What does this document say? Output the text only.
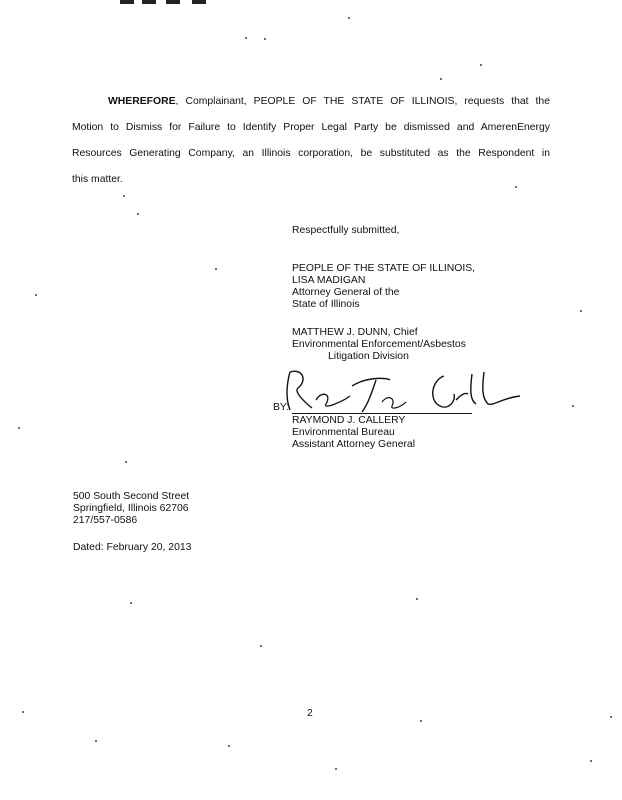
WHEREFORE, Complainant, PEOPLE OF THE STATE OF ILLINOIS, requests that the
Motion to Dismiss for Failure to Identify Proper Legal Party be dismissed and AmerenEnergy
Resources Generating Company, an Illinois corporation, be substituted as the Respondent in
this matter.

Respectfully submitted,
PEOPLE OF THE STATE OF ILLINOIS,
LISA MADIGAN
Attorney General of the
State of Illinois
MATTHEW J. DUNN, Chief
Environmental Enforcement/Asbestos
Litigation Division
BY:
RAYMOND J. CALLERY
Environmental Bureau
Assistant Attorney General
500 South Second Street
Springfield, Illinois 62706
217/557-0586
Dated: February 20, 2013
2
